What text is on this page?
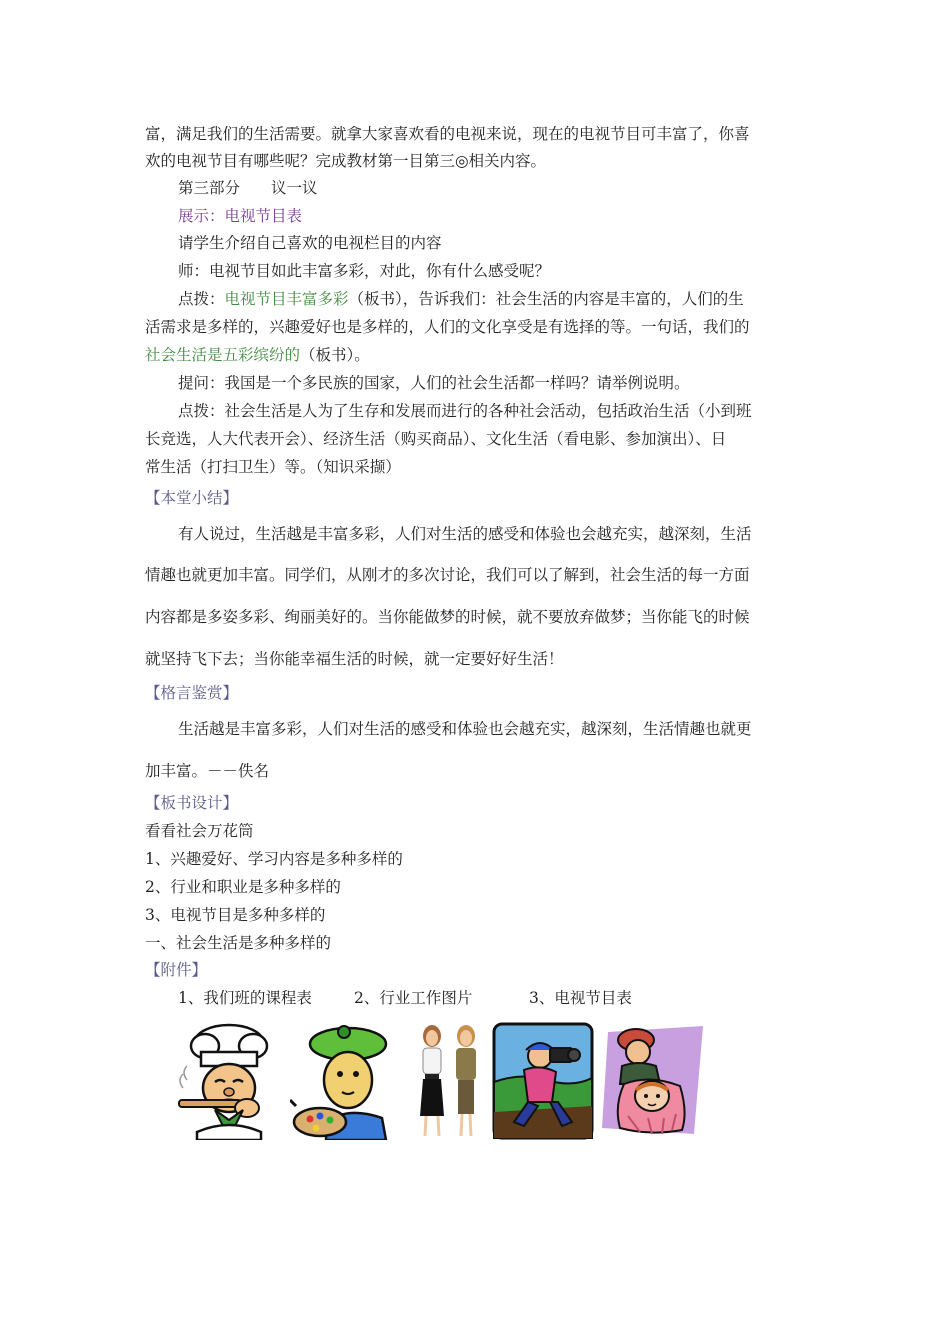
富，满足我们的生活需要。就拿大家喜欢看的电视来说，现在的电视节目可丰富了，你喜
欢的电视节目有哪些呢？完成教材第一目第三◎相关内容。
第三部分　　议一议
展示：电视节目表
请学生介绍自己喜欢的电视栏目的内容
师：电视节目如此丰富多彩，对此，你有什么感受呢？
点拨：电视节目丰富多彩（板书），告诉我们：社会生活的内容是丰富的，人们的生
活需求是多样的，兴趣爱好也是多样的，人们的文化享受是有选择的等。一句话，我们的
社会生活是五彩缤纷的（板书）。
提问：我国是一个多民族的国家，人们的社会生活都一样吗？请举例说明。
点拨：社会生活是人为了生存和发展而进行的各种社会活动，包括政治生活（小到班
长竞选，人大代表开会）、经济生活（购买商品）、文化生活（看电影、参加演出）、日
常生活（打扫卫生）等。（知识采撷）
【本堂小结】
有人说过，生活越是丰富多彩，人们对生活的感受和体验也会越充实，越深刻，生活
情趣也就更加丰富。同学们，从刚才的多次讨论，我们可以了解到，社会生活的每一方面
内容都是多姿多彩、绚丽美好的。当你能做梦的时候，就不要放弃做梦；当你能飞的时候
就坚持飞下去；当你能幸福生活的时候，就一定要好好生活！
【格言鉴赏】
生活越是丰富多彩，人们对生活的感受和体验也会越充实，越深刻，生活情趣也就更
加丰富。－－佚名
【板书设计】
看看社会万花筒
1、兴趣爱好、学习内容是多种多样的
2、行业和职业是多种多样的
3、电视节目是多种多样的
一、社会生活是多种多样的
【附件】
1、我们班的课程表	2、行业工作图片	3、电视节目表
